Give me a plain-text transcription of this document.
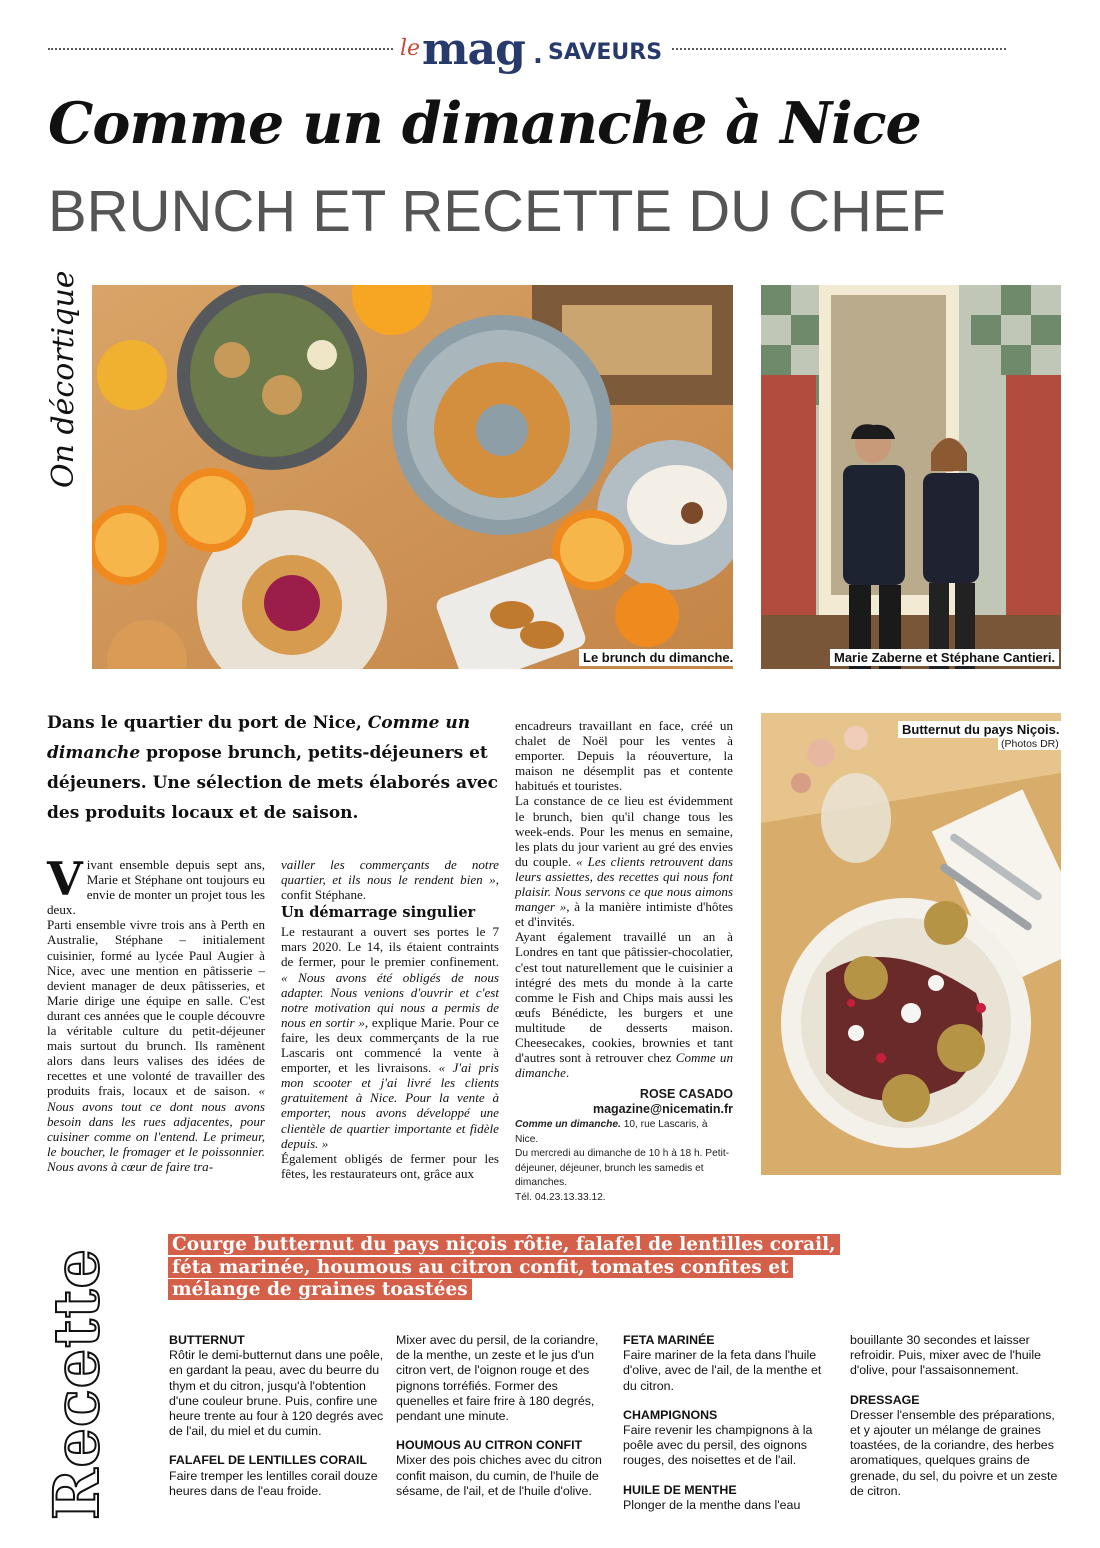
le mag . SAVEURS
Comme un dimanche à Nice
BRUNCH ET RECETTE DU CHEF
On décortique
Le brunch du dimanche.	Marie Zaberne et Stéphane Cantieri.
Dans le quartier du port de Nice, Comme un dimanche propose brunch, petits-déjeuners et déjeuners. Une sélection de mets élaborés avec des produits locaux et de saison.

Vivant ensemble depuis sept ans, Marie et Stéphane ont toujours eu envie de monter un projet tous les deux.

Parti ensemble vivre trois ans à Perth en Australie, Stéphane – initialement cuisinier, formé au lycée Paul Augier à Nice, avec une mention en pâtisserie – devient manager de deux pâtisseries, et Marie dirige une équipe en salle. C'est durant ces années que le couple découvre la véritable culture du petit-déjeuner mais surtout du brunch. Ils ramènent alors dans leurs valises des idées de recettes et une volonté de travailler des produits frais, locaux et de saison. « Nous avons tout ce dont nous avons besoin dans les rues adjacentes, pour cuisiner comme on l'entend. Le primeur, le boucher, le fromager et le poissonnier. Nous avons à cœur de faire tra-

vailler les commerçants de notre quartier, et ils nous le rendent bien », confit Stéphane.

Un démarrage singulier

Le restaurant a ouvert ses portes le 7 mars 2020. Le 14, ils étaient contraints de fermer, pour le premier confinement. « Nous avons été obligés de nous adapter. Nous venions d'ouvrir et c'est notre motivation qui nous a permis de nous en sortir », explique Marie. Pour ce faire, les deux commerçants de la rue Lascaris ont commencé la vente à emporter, et les livraisons. « J'ai pris mon scooter et j'ai livré les clients gratuitement à Nice. Pour la vente à emporter, nous avons développé une clientèle de quartier importante et fidèle depuis. »

Également obligés de fermer pour les fêtes, les restaurateurs ont, grâce aux

encadreurs travaillant en face, créé un chalet de Noël pour les ventes à emporter. Depuis la réouverture, la maison ne désemplit pas et contente habitués et touristes.

La constance de ce lieu est évidemment le brunch, bien qu'il change tous les week-ends. Pour les menus en semaine, les plats du jour varient au gré des envies du couple. « Les clients retrouvent dans leurs assiettes, des recettes qui nous font plaisir. Nous servons ce que nous aimons manger », à la manière intimiste d'hôtes et d'invités.

Ayant également travaillé un an à Londres en tant que pâtissier-chocolatier, c'est tout naturellement que le cuisinier a intégré des mets du monde à la carte comme le Fish and Chips mais aussi les œufs Bénédicte, les burgers et une multitude de desserts maison. Cheesecakes, cookies, brownies et tant d'autres sont à retrouver chez Comme un dimanche.

ROSE CASADO
magazine@nicematin.fr
Comme un dimanche. 10, rue Lascaris, à Nice.
Du mercredi au dimanche de 10 h à 18 h. Petit-déjeuner, déjeuner, brunch les samedis et dimanches.
Tél. 04.23.13.33.12.
Butternut du pays Niçois.
(Photos DR)
Recette
Courge butternut du pays niçois rôtie, falafel de lentilles corail, féta marinée, houmous au citron confit, tomates confites et mélange de graines toastées
BUTTERNUT

Rôtir le demi-butternut dans une poêle, en gardant la peau, avec du beurre du thym et du citron, jusqu'à l'obtention d'une couleur brune. Puis, confire une heure trente au four à 120 degrés avec de l'ail, du miel et du cumin.

FALAFEL DE LENTILLES CORAIL

Faire tremper les lentilles corail douze heures dans de l'eau froide.

Mixer avec du persil, de la coriandre, de la menthe, un zeste et le jus d'un citron vert, de l'oignon rouge et des pignons torréfiés. Former des quenelles et faire frire à 180 degrés, pendant une minute.

HOUMOUS AU CITRON CONFIT

Mixer des pois chiches avec du citron confit maison, du cumin, de l'huile de sésame, de l'ail, et de l'huile d'olive.

FETA MARINÉE

Faire mariner de la feta dans l'huile d'olive, avec de l'ail, de la menthe et du citron.

CHAMPIGNONS

Faire revenir les champignons à la poêle avec du persil, des oignons rouges, des noisettes et de l'ail.

HUILE DE MENTHE

Plonger de la menthe dans l'eau

bouillante 30 secondes et laisser refroidir. Puis, mixer avec de l'huile d'olive, pour l'assaisonnement.

DRESSAGE

Dresser l'ensemble des préparations, et y ajouter un mélange de graines toastées, de la coriandre, des herbes aromatiques, quelques grains de grenade, du sel, du poivre et un zeste de citron.
